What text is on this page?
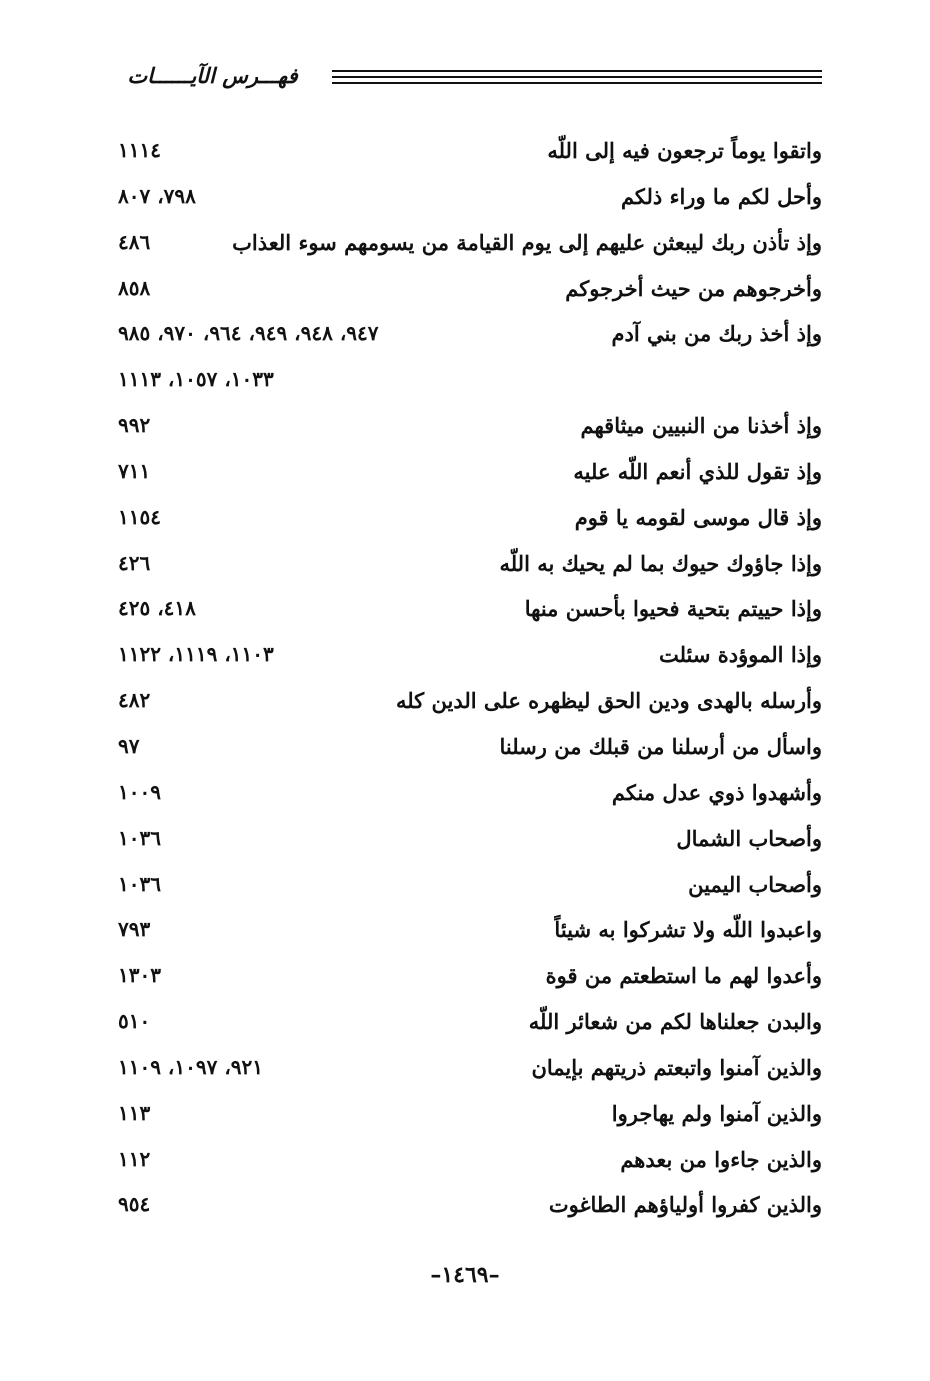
فهـــرس الآيــــــات
واتقوا يوماً ترجعون فيه إلى اللّه
١١١٤
وأحل لكم ما وراء ذلكم
٧٩٨، ٨٠٧
وإذ تأذن ربك ليبعثن عليهم إلى يوم القيامة من يسومهم سوء العذاب
٤٨٦
وأخرجوهم من حيث أخرجوكم
٨٥٨
وإذ أخذ ربك من بني آدم
٩٤٧، ٩٤٨، ٩٤٩، ٩٦٤، ٩٧٠، ٩٨٥
١٠٣٣، ١٠٥٧، ١١١٣
وإذ أخذنا من النبيين ميثاقهم
٩٩٢
وإذ تقول للذي أنعم اللّه عليه
٧١١
وإذ قال موسى لقومه يا قوم
١١٥٤
وإذا جاؤوك حيوك بما لم يحيك به اللّه
٤٢٦
وإذا حييتم بتحية فحيوا بأحسن منها
٤١٨، ٤٢٥
وإذا الموؤدة سئلت
١١٠٣، ١١١٩، ١١٢٢
وأرسله بالهدى ودين الحق ليظهره على الدين كله
٤٨٢
واسأل من أرسلنا من قبلك من رسلنا
٩٧
وأشهدوا ذوي عدل منكم
١٠٠٩
وأصحاب الشمال
١٠٣٦
وأصحاب اليمين
١٠٣٦
واعبدوا اللّه ولا تشركوا به شيئاً
٧٩٣
وأعدوا لهم ما استطعتم من قوة
١٣٠٣
والبدن جعلناها لكم من شعائر اللّه
٥١٠
والذين آمنوا واتبعتم ذريتهم بإيمان
٩٢١، ١٠٩٧، ١١٠٩
والذين آمنوا ولم يهاجروا
١١٣
والذين جاءوا من بعدهم
١١٢
والذين كفروا أولياؤهم الطاغوت
٩٥٤
–١٤٦٩–
